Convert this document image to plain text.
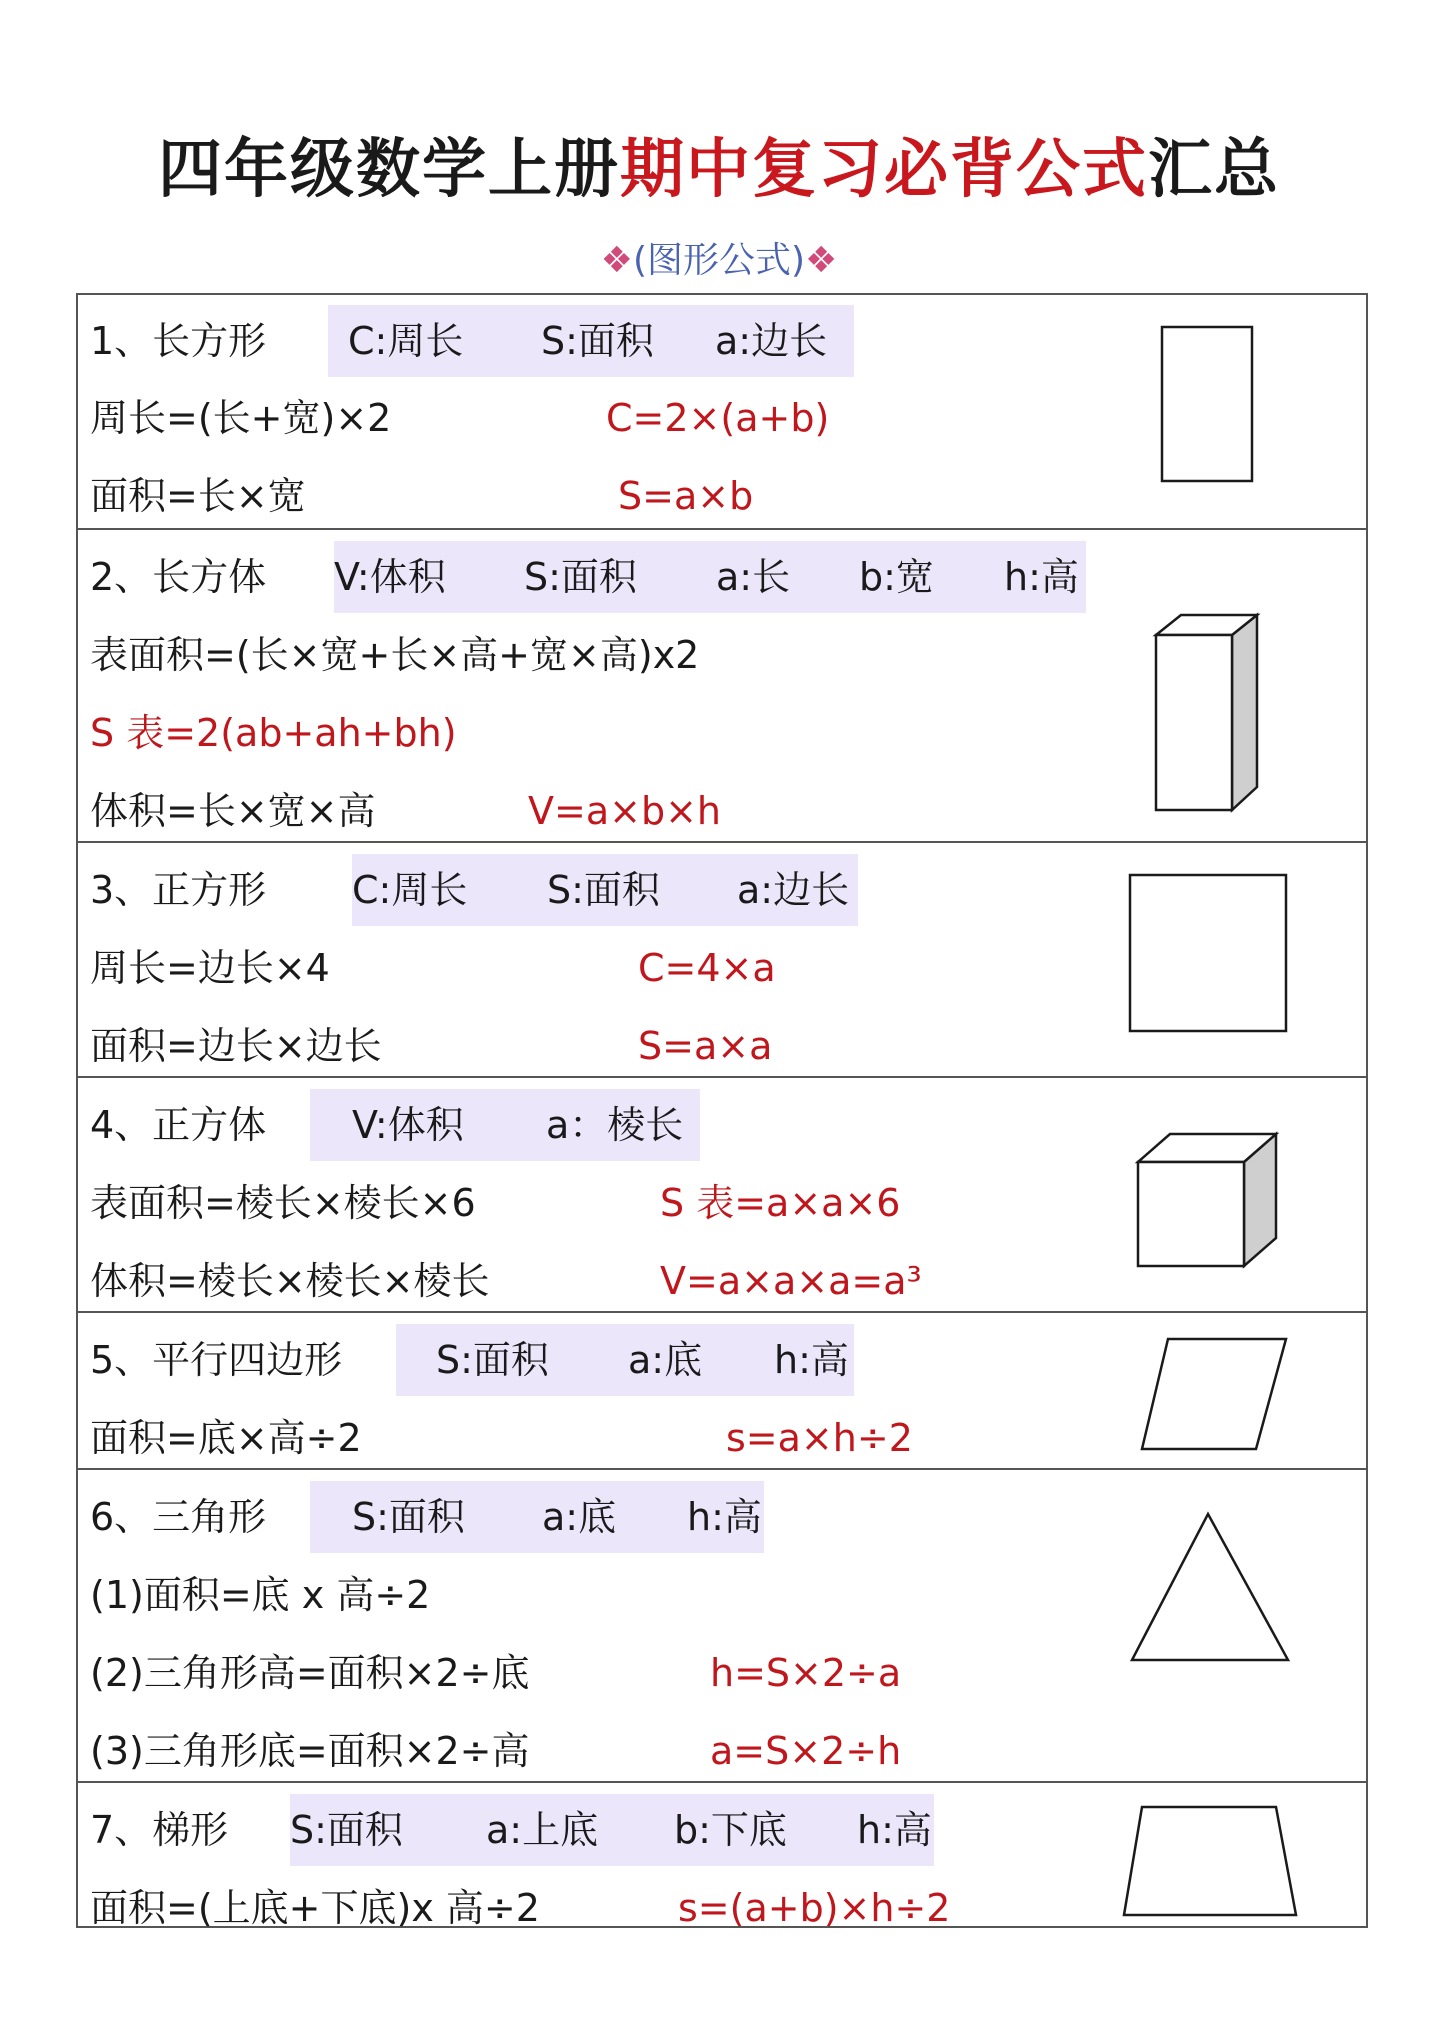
四年级数学上册期中复习必背公式汇总
❖(图形公式)❖
C:周长 S:面积 a:边长
1、长方形
周长=(长+宽)×2	C=2×(a+b)
面积=长×宽	S=a×b
V:体积 S:面积 a:长 b:宽 h:高
2、长方体
表面积=(长×宽+长×高+宽×高)x2
S 表=2(ab+ah+bh)
体积=长×宽×高	V=a×b×h
C:周长 S:面积 a:边长
3、正方形
周长=边长×4	C=4×a
面积=边长×边长	S=a×a
V:体积 a：棱长
4、正方体
表面积=棱长×棱长×6	S 表=a×a×6
体积=棱长×棱长×棱长	V=a×a×a=a³
S:面积 a:底 h:高
5、平行四边形
面积=底×高÷2	s=a×h÷2
S:面积 a:底 h:高
6、三角形
(1)面积=底 x 高÷2
(2)三角形高=面积×2÷底	h=S×2÷a
(3)三角形底=面积×2÷高	a=S×2÷h
S:面积 a:上底 b:下底 h:高
7、梯形
面积=(上底+下底)x 高÷2	s=(a+b)×h÷2
